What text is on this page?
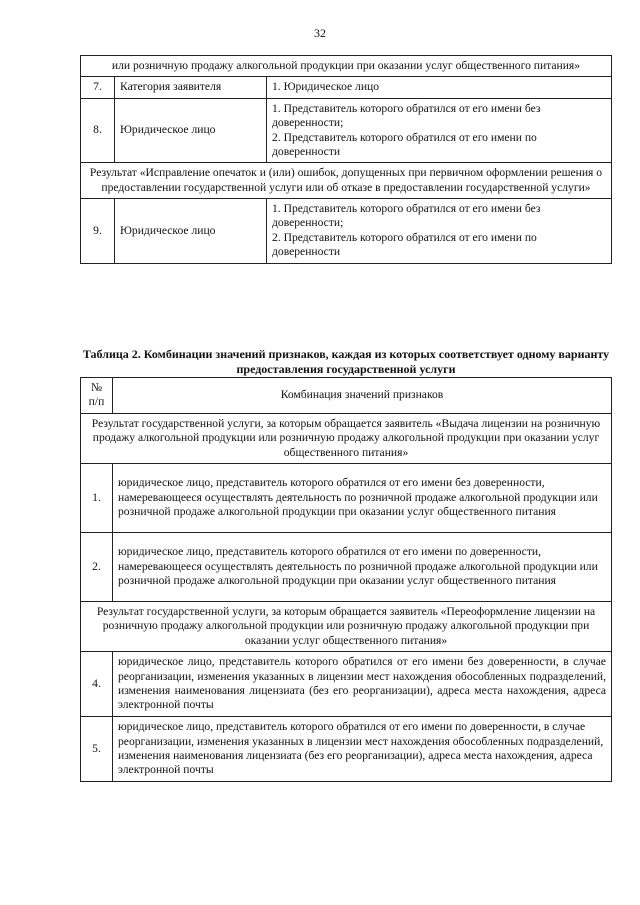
32
или розничную продажу алкогольной продукции при оказании услуг общественного питания»		
7.	Категория заявителя	1. Юридическое лицо

8.	Юридическое лицо	1. Представитель которого обратился от его имени без доверенности;
2. Представитель которого обратился от его имени по доверенности

Результат «Исправление опечаток и (или) ошибок, допущенных при первичном оформлении решения о предоставлении государственной услуги или об отказе в предоставлении государственной услуги»		
9.	Юридическое лицо	1. Представитель которого обратился от его имени без доверенности;
2. Представитель которого обратился от его имени по доверенности
Таблица 2. Комбинации значений признаков, каждая из которых соответствует одному варианту предоставления государственной услуги
№ п/п	Комбинация значений признаков
Результат государственной услуги, за которым обращается заявитель «Выдача лицензии на розничную продажу алкогольной продукции или розничную продажу алкогольной продукции при оказании услуг общественного питания»	
1.	юридическое лицо, представитель которого обратился от его имени без доверенности, намеревающееся осуществлять деятельность по розничной продаже алкогольной продукции или розничной продаже алкогольной продукции при оказании услуг общественного питания
2.	юридическое лицо, представитель которого обратился от его имени по доверенности, намеревающееся осуществлять деятельность по розничной продаже алкогольной продукции или розничной продаже алкогольной продукции при оказании услуг общественного питания
Результат государственной услуги, за которым обращается заявитель «Переоформление лицензии на розничную продажу алкогольной продукции или розничную продажу алкогольной продукции при оказании услуг общественного питания»	
4.	юридическое лицо, представитель которого обратился от его имени без доверенности, в случае реорганизации, изменения указанных в лицензии мест нахождения обособленных подразделений, изменения наименования лицензиата (без его реорганизации), адреса места нахождения, адреса электронной почты
5.	юридическое лицо, представитель которого обратился от его имени по доверенности, в случае реорганизации, изменения указанных в лицензии мест нахождения обособленных подразделений, изменения наименования лицензиата (без его реорганизации), адреса места нахождения, адреса электронной почты
